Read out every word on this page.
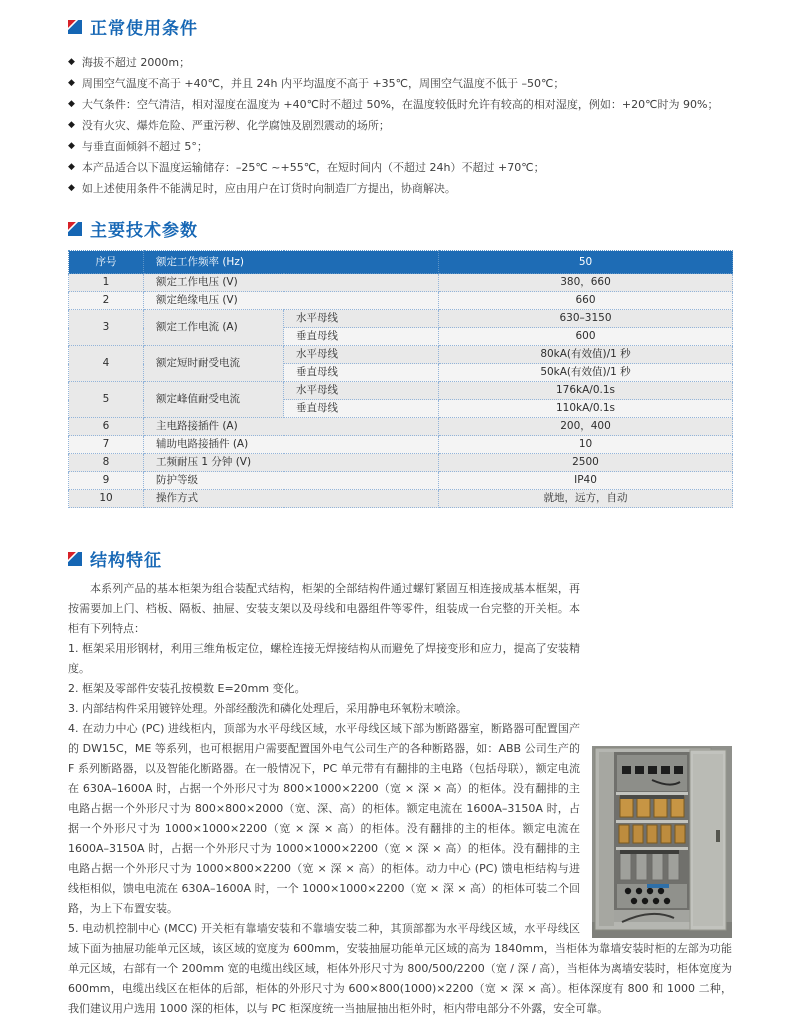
正常使用条件
◆ 海拔不超过 2000m；
◆ 周围空气温度不高于 +40℃，并且 24h 内平均温度不高于 +35℃，周围空气温度不低于 –50℃；
◆ 大气条件：空气清洁，相对湿度在温度为 +40℃时不超过 50%，在温度较低时允许有较高的相对湿度，例如：+20℃时为 90%；
◆ 没有火灾、爆炸危险、严重污秽、化学腐蚀及剧烈震动的场所；
◆ 与垂直面倾斜不超过 5°；
◆ 本产品适合以下温度运输储存：–25℃ ~+55℃，在短时间内（不超过 24h）不超过 +70℃；
◆ 如上述使用条件不能满足时，应由用户在订货时向制造厂方提出，协商解决。
主要技术参数
序号	额定工作频率 (Hz)		50
1	额定工作电压 (V)		380，660
2	额定绝缘电压 (V)		660
3	额定工作电流 (A)	水平母线	630–3150
		垂直母线	600
4	额定短时耐受电流	水平母线	80kA(有效值)/1 秒
		垂直母线	50kA(有效值)/1 秒
5	额定峰值耐受电流	水平母线	176kA/0.1s
		垂直母线	110kA/0.1s
6	主电路接插件 (A)		200，400
7	辅助电路接插件 (A)		10
8	工频耐压 1 分钟 (V)		2500
9	防护等级		IP40
10	操作方式		就地，远方，自动
结构特征

本系列产品的基本柜架为组合装配式结构，柜架的全部结构件通过螺钉紧固互相连接成基本框架，再按需要加上门、档板、隔板、抽屉、安装支架以及母线和电器组件等零件，组装成一台完整的开关柜。本柜有下列特点：

1. 框架采用形钢材，利用三维角板定位，螺栓连接无焊接结构从而避免了焊接变形和应力，提高了安装精度。

2. 框架及零部件安装孔按模数 E=20mm 变化。

3. 内部结构件采用镀锌处理。外部经酸洗和磷化处理后，采用静电环氧粉末喷涂。

4. 在动力中心 (PC) 进线柜内，顶部为水平母线区域，水平母线区域下部为断路器室，断路器可配置国产的 DW15C，ME 等系列，也可根据用户需要配置国外电气公司生产的各种断路器，如：ABB 公司生产的 F 系列断路器，以及智能化断路器。在一般情况下，PC 单元带有有翻排的主电路（包括母联），额定电流在 630A–1600A 时，占据一个外形尺寸为 800×1000×2200（宽 × 深 × 高）的柜体。没有翻排的主电路占据一个外形尺寸为 800×800×2000（宽、深、高）的柜体。额定电流在 1600A–3150A 时，占据一个外形尺寸为 1000×1000×2200（宽 × 深 × 高）的柜体。没有翻排的主的柜体。额定电流在 1600A–3150A 时，占据一个外形尺寸为 1000×1000×2200（宽 × 深 × 高）的柜体。没有翻排的主电路占据一个外形尺寸为 1000×800×2200（宽 × 深 × 高）的柜体。动力中心 (PC) 馈电柜结构与进线柜相似，馈电电流在 630A–1600A 时，一个 1000×1000×2200（宽 × 深 × 高）的柜体可装二个回路，为上下布置安装。

5. 电动机控制中心 (MCC) 开关柜有靠墙安装和不靠墙安装二种，其顶部都为水平母线区域，水平母线区域下面为抽屉功能单元区域，该区域的宽度为 600mm，安装抽屉功能单元区域的高为 1840mm，当柜体为靠墙安装时柜的左部为功能单元区域，右部有一个 200mm 宽的电缆出线区域，柜体外形尺寸为 800/500/2200（宽 / 深 / 高），当柜体为离墙安装时，柜体宽度为 600mm，电缆出线区在柜体的后部，柜体的外形尺寸为 600×800(1000)×2200（宽 × 深 × 高）。柜体深度有 800 和 1000 二种，我们建议用户选用 1000 深的柜体，以与 PC 柜深度统一当抽屉抽出柜外时，柜内带电部分不外露，安全可靠。
